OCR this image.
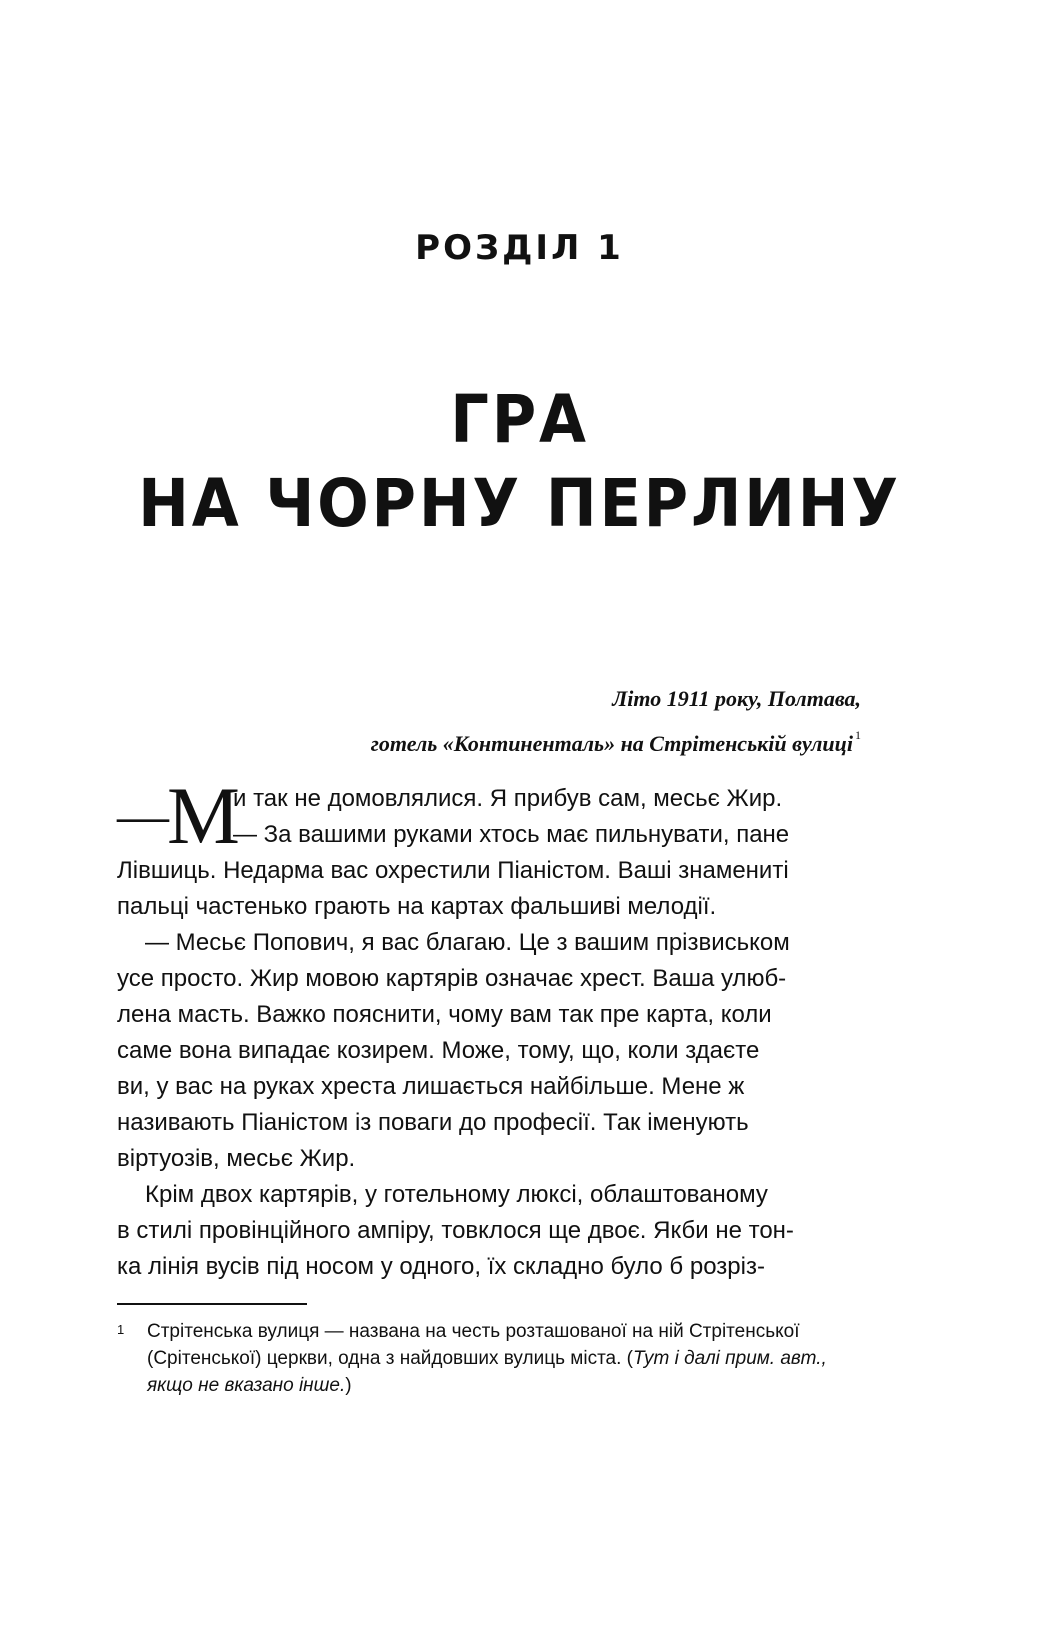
РОЗДІЛ 1
ГРА
НА ЧОРНУ ПЕРЛИНУ
Літо 1911 року, Полтава,
готель «Континенталь» на Стрітенській вулиці $^1$
—
М
и так не домовлялися. Я прибув сам, месьє Жир.
— За вашими руками хтось має пильнувати, пане
Лівшиць. Недарма вас охрестили Піаністом. Ваші знамениті
пальці частенько грають на картах фальшиві мелодії.
— Месьє Попович, я вас благаю. Це з вашим прізвиськом
усе просто. Жир мовою картярів означає хрест. Ваша улюб-
лена масть. Важко пояснити, чому вам так пре карта, коли
саме вона випадає козирем. Може, тому, що, коли здаєте
ви, у вас на руках хреста лишається найбільше. Мене ж
називають Піаністом із поваги до професії. Так іменують
віртуозів, месьє Жир.
Крім двох картярів, у готельному люксі, облаштованому
в стилі провінційного ампіру, товклося ще двоє. Якби не тон-
ка лінія вусів під носом у одного, їх складно було б розріз-
1 Стрітенська вулиця — названа на честь розташованої на ній Стрітенської (Срітенської) церкви, одна з найдовших вулиць міста. (Тут і далі прим. авт., якщо не вказано інше.)
